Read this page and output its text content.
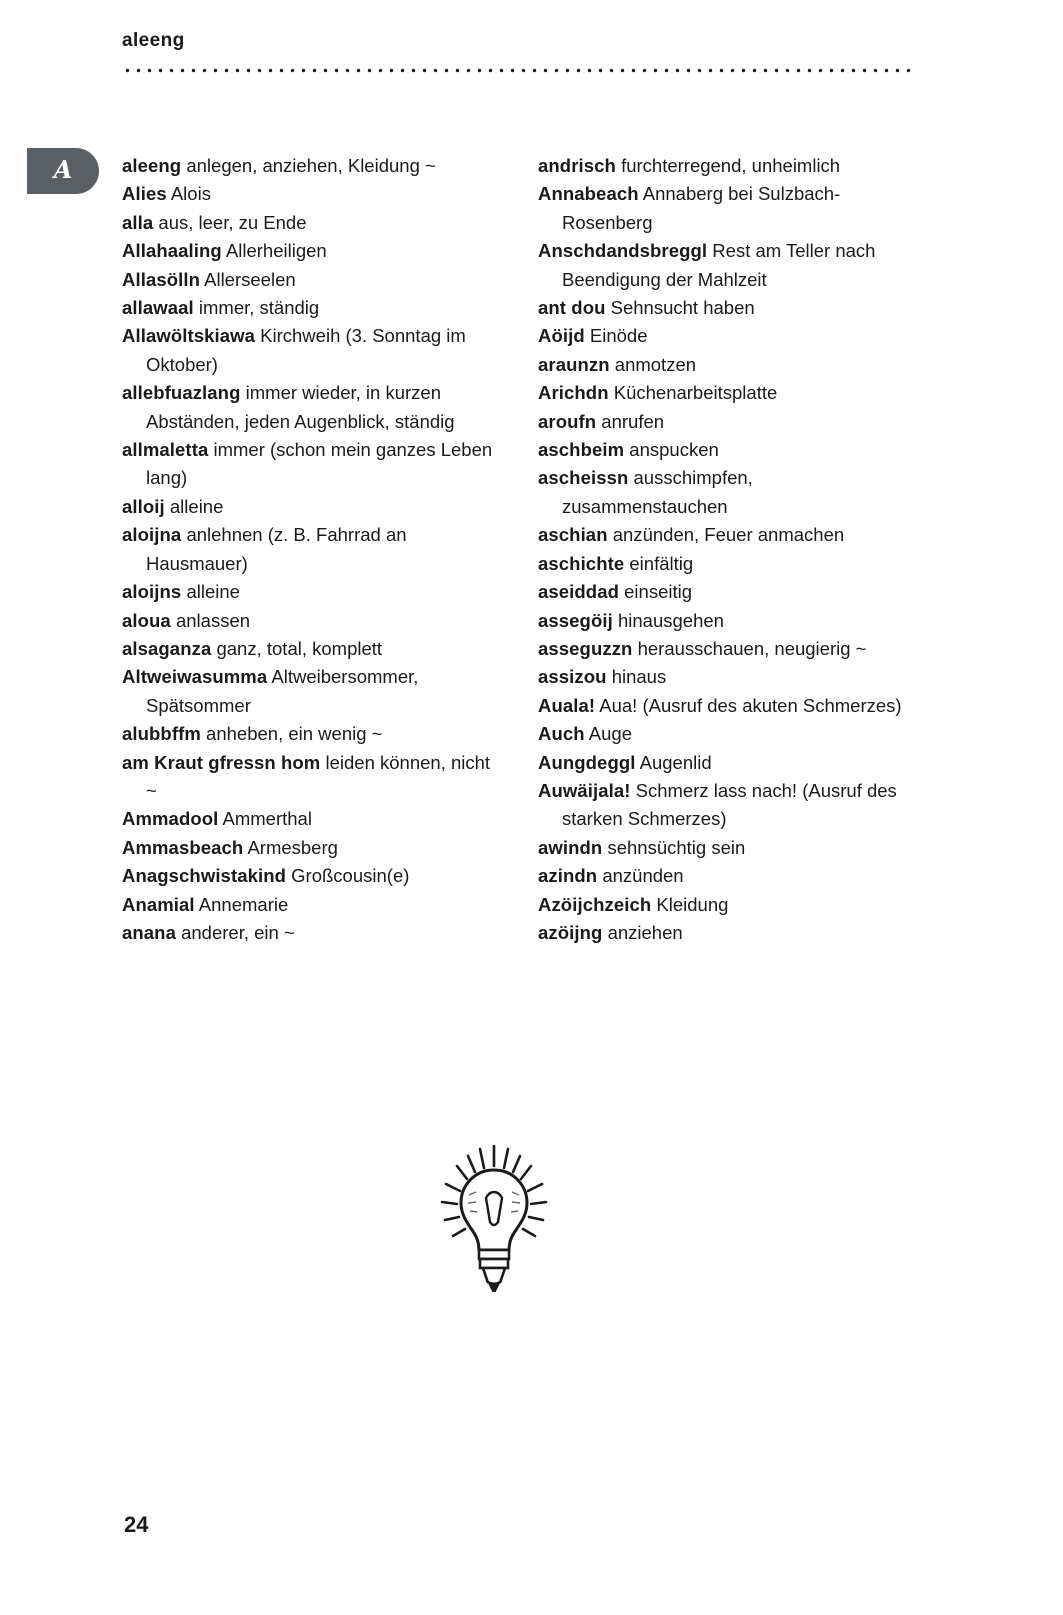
aleeng
A	aleeng anlegen, anziehen, Kleidung ~

Alies Alois

alla aus, leer, zu Ende

Allahaaling Allerheiligen

Allasölln Allerseelen

allawaal immer, ständig

Allawöltskiawa Kirchweih (3. Sonntag im Oktober)

allebfuazlang immer wieder, in kurzen Abständen, jeden Augenblick, ständig

allmaletta immer (schon mein ganzes Leben lang)

alloij alleine

aloijna anlehnen (z. B. Fahrrad an Hausmauer)

aloijns alleine

aloua anlassen

alsaganza ganz, total, komplett

Altweiwasumma Altweibersommer, Spätsommer

alubbffm anheben, ein wenig ~

am Kraut gfressn hom leiden können, nicht ~

Ammadool Ammerthal

Ammasbeach Armesberg

Anagschwistakind Großcousin(e)

Anamial Annemarie

anana anderer, ein ~

andrisch furchterregend, unheimlich

Annabeach Annaberg bei Sulzbach-Rosenberg

Anschdandsbreggl Rest am Teller nach Beendigung der Mahlzeit

ant dou Sehnsucht haben

Aöijd Einöde

araunzn anmotzen

Arichdn Küchenarbeitsplatte

aroufn anrufen

aschbeim anspucken

ascheissn ausschimpfen, zusammenstauchen

aschian anzünden, Feuer anmachen

aschichte einfältig

aseiddad einseitig

assegöij hinausgehen

asseguzzn herausschauen, neugierig ~

assizou hinaus

Auala! Aua! (Ausruf des akuten Schmerzes)

Auch Auge

Aungdeggl Augenlid

Auwäijala! Schmerz lass nach! (Ausruf des starken Schmerzes)

awindn sehnsüchtig sein

azindn anzünden

Azöijchzeich Kleidung

azöijng anziehen

24
